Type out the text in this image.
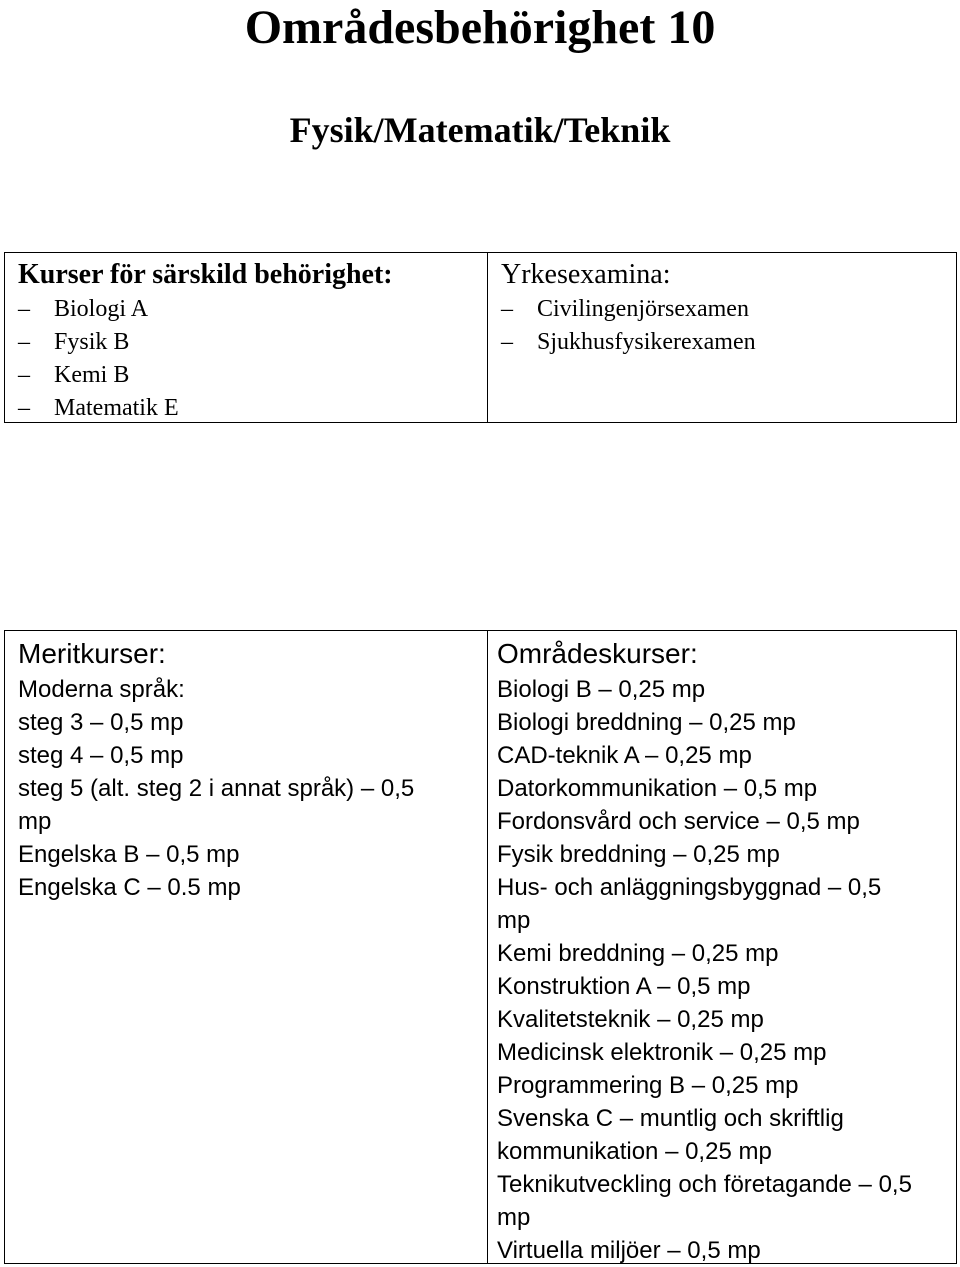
Områdesbehörighet 10
Fysik/Matematik/Teknik
Kurser för särskild behörighet:
– Biologi A
– Fysik B
– Kemi B
– Matematik E
Yrkesexamina:
– Civilingenjörsexamen
– Sjukhusfysikerexamen
Meritkurser:
Moderna språk:
steg 3 – 0,5 mp
steg 4 – 0,5 mp
steg 5 (alt. steg 2 i annat språk) – 0,5 mp
Engelska B – 0,5 mp
Engelska C – 0.5 mp
Områdeskurser:
Biologi B – 0,25 mp
Biologi breddning – 0,25 mp
CAD-teknik A – 0,25 mp
Datorkommunikation – 0,5 mp
Fordonsvård och service – 0,5 mp
Fysik breddning – 0,25 mp
Hus- och anläggningsbyggnad – 0,5 mp
Kemi breddning – 0,25 mp
Konstruktion A – 0,5 mp
Kvalitetsteknik – 0,25 mp
Medicinsk elektronik – 0,25 mp
Programmering B – 0,25 mp
Svenska C – muntlig och skriftlig kommunikation – 0,25 mp
Teknikutveckling och företagande – 0,5 mp
Virtuella miljöer – 0,5 mp
